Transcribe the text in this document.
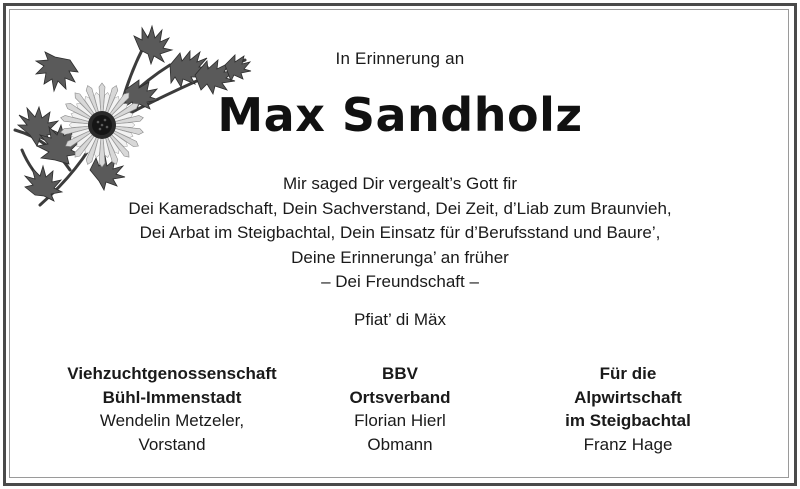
In Erinnerung an
Max Sandholz
Mir saged Dir vergealt’s Gott fir
Dei Kameradschaft, Dein Sachverstand, Dei Zeit, d’Liab zum Braunvieh,
Dei Arbat im Steigbachtal, Dein Einsatz für d’Berufsstand und Baure’,
Deine Erinnerunga’ an früher
– Dei Freundschaft –
Pfiat’ di Mäx
Viehzuchtgenossenschaft
Bühl-Immenstadt
Wendelin Metzeler,
Vorstand
BBV
Ortsverband
Florian Hierl
Obmann
Für die
Alpwirtschaft
im Steigbachtal
Franz Hage
